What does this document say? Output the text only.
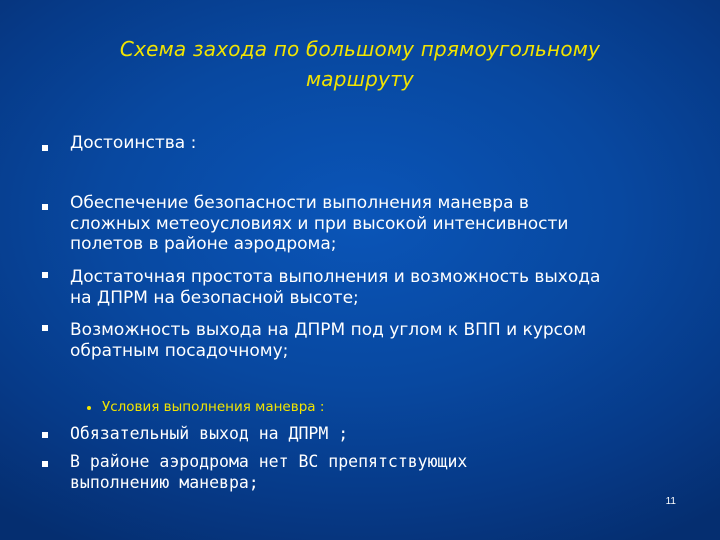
Схема захода по большому прямоугольному
маршруту
Достоинства :
Обеспечение безопасности выполнения маневра в
сложных метеоусловиях и при высокой интенсивности
полетов в районе аэродрома;
Достаточная простота выполнения и возможность выхода
на ДПРМ на безопасной высоте;
Возможность выхода на ДПРМ под углом к ВПП и курсом
обратным посадочному;
Условия выполнения маневра :
Обязательный выход на ДПРМ ;
В районе аэродрома нет ВС препятствующих
выполнению маневра;
11
